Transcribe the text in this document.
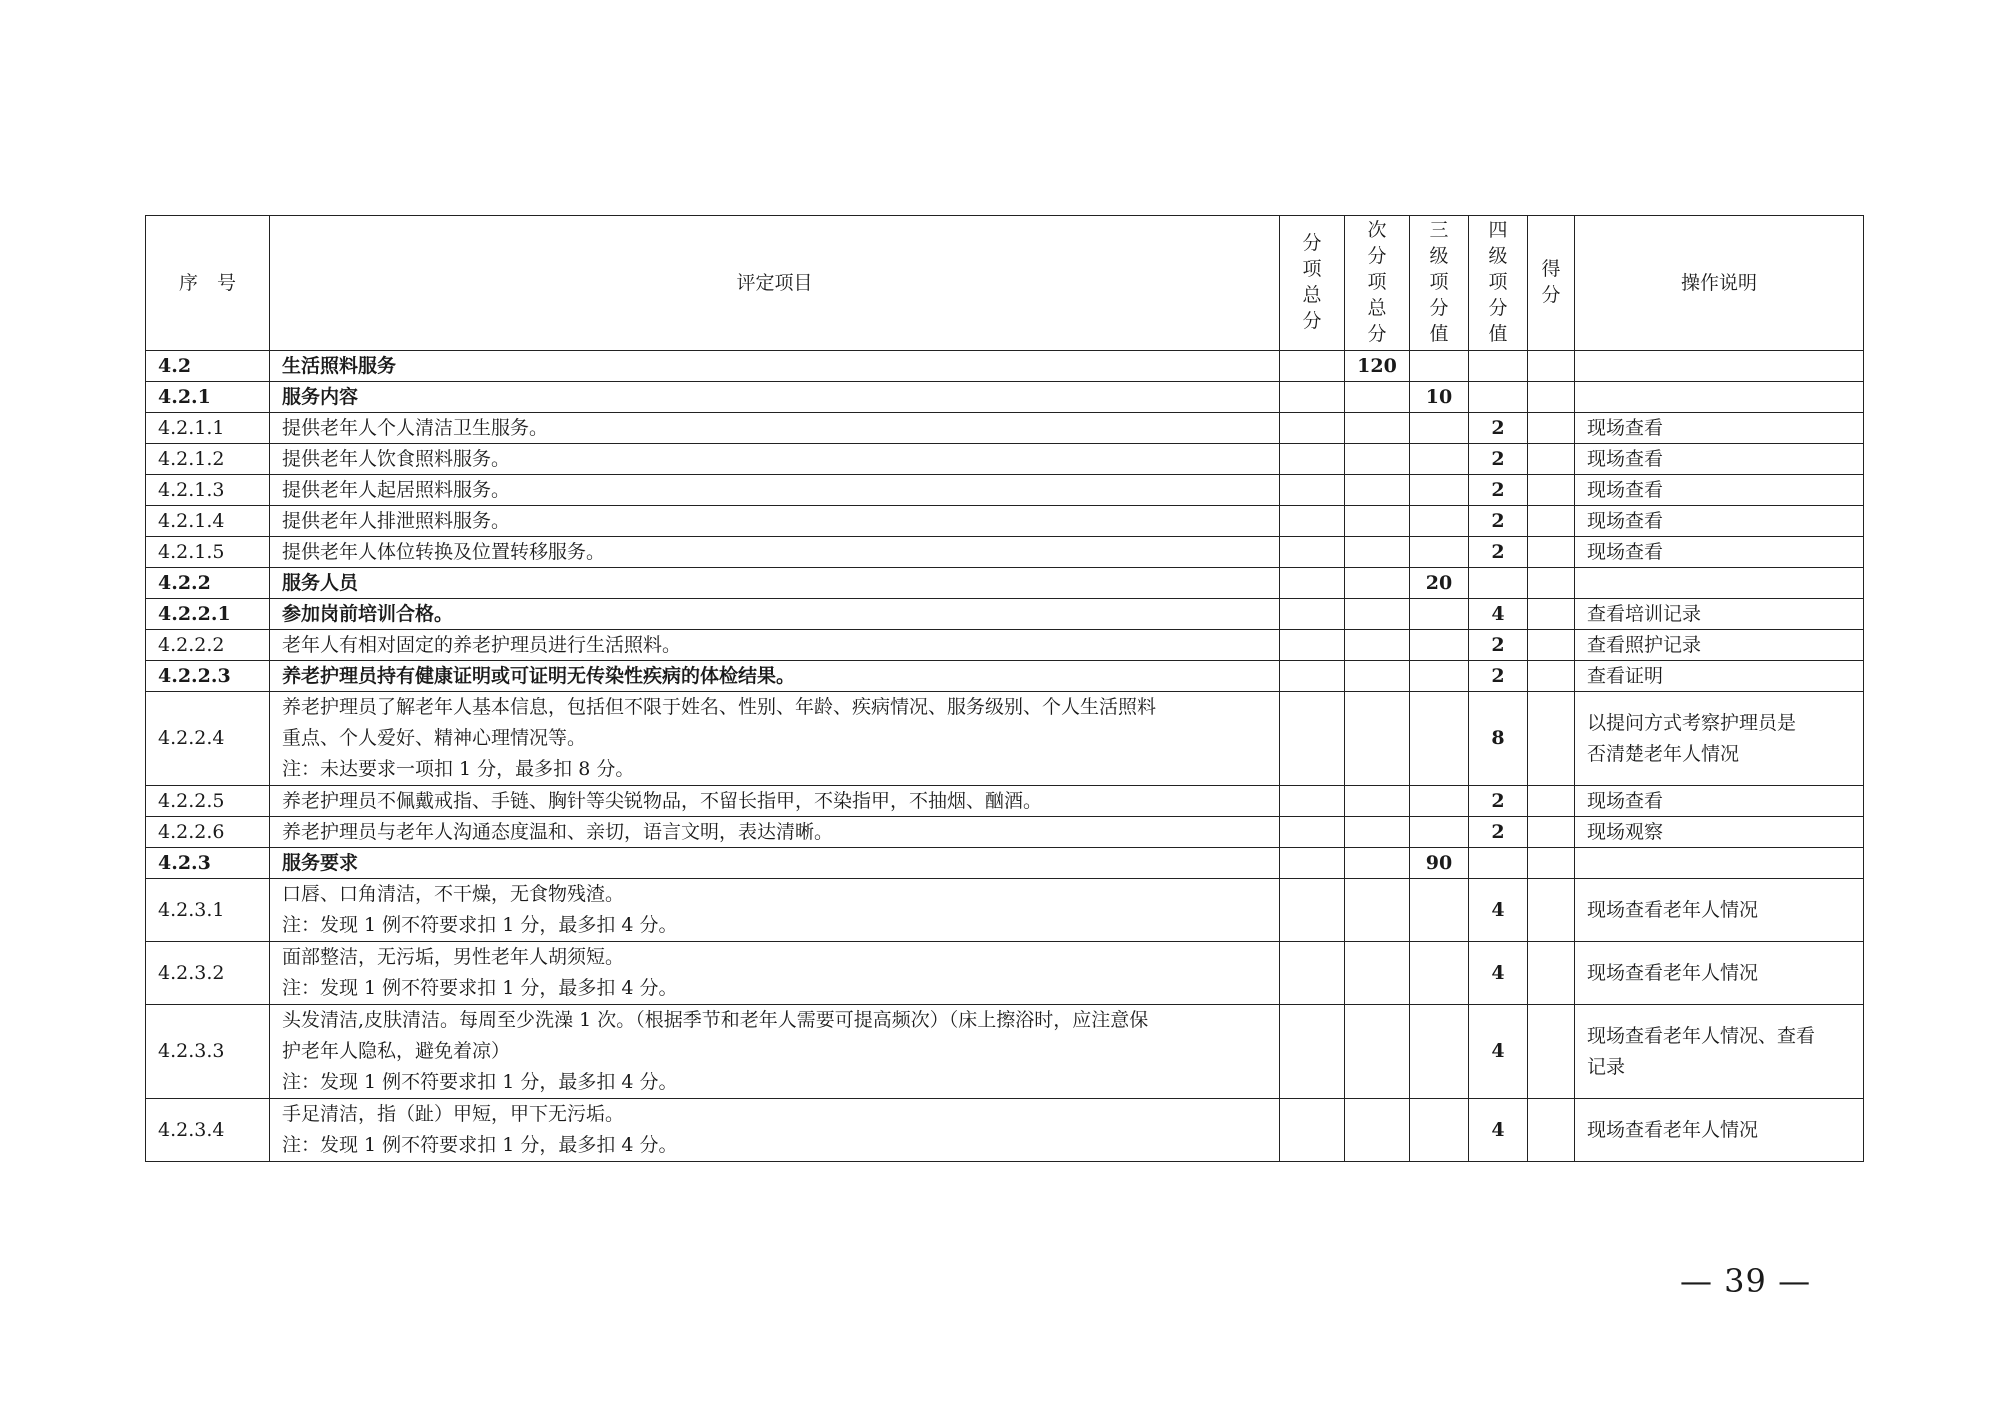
序　号	评定项目	分项总分	次分项总分	三级项分值	四级项分值	得分	操作说明
4.2	生活照料服务		120				
4.2.1	服务内容			10			
4.2.1.1	提供老年人个人清洁卫生服务。				2		现场查看

4.2.1.2	提供老年人饮食照料服务。				2		现场查看

4.2.1.3	提供老年人起居照料服务。				2		现场查看

4.2.1.4	提供老年人排泄照料服务。				2		现场查看

4.2.1.5	提供老年人体位转换及位置转移服务。				2		现场查看

4.2.2	服务人员			20			
4.2.2.1	参加岗前培训合格。				4		查看培训记录

4.2.2.2	老年人有相对固定的养老护理员进行生活照料。				2		查看照护记录

4.2.2.3	养老护理员持有健康证明或可证明无传染性疾病的体检结果。				2		查看证明

4.2.2.4	养老护理员了解老年人基本信息，包括但不限于姓名、性别、年龄、疾病情况、服务级别、个人生活照料
重点、个人爱好、精神心理情况等。
注：未达要求一项扣 1 分，最多扣 8 分。				8		以提问方式考察护理员是
否清楚老年人情况

4.2.2.5	养老护理员不佩戴戒指、手链、胸针等尖锐物品，不留长指甲，不染指甲，不抽烟、酗酒。				2		现场查看

4.2.2.6	养老护理员与老年人沟通态度温和、亲切，语言文明，表达清晰。				2		现场观察

4.2.3	服务要求			90			
4.2.3.1	口唇、口角清洁，不干燥，无食物残渣。
注：发现 1 例不符要求扣 1 分，最多扣 4 分。				4		现场查看老年人情况

4.2.3.2	面部整洁，无污垢，男性老年人胡须短。
注：发现 1 例不符要求扣 1 分，最多扣 4 分。				4		现场查看老年人情况

4.2.3.3	头发清洁,皮肤清洁。每周至少洗澡 1 次。（根据季节和老年人需要可提高频次）（床上擦浴时，应注意保
护老年人隐私，避免着凉）
注：发现 1 例不符要求扣 1 分，最多扣 4 分。				4		现场查看老年人情况、查看
记录

4.2.3.4	手足清洁，指（趾）甲短，甲下无污垢。
注：发现 1 例不符要求扣 1 分，最多扣 4 分。				4		现场查看老年人情况
— 39 —
